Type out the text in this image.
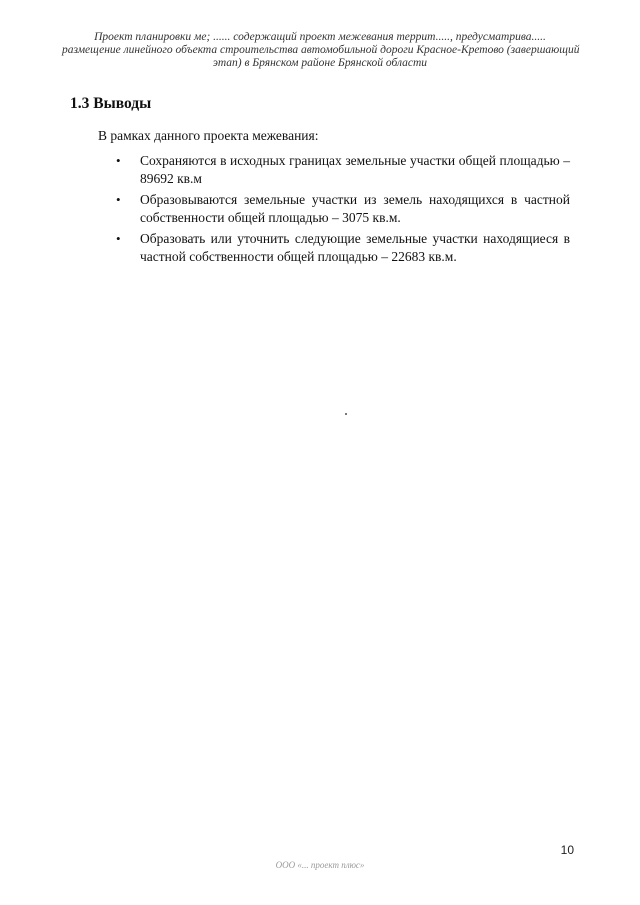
Проект планировки ме; ...... содержащий проект межевания террит....., предусматрива.....
размещение линейного объекта строительства автомобильной дороги Красное-Кретово (завершающий
этап) в Брянском районе Брянской области
1.3 Выводы
В рамках данного проекта межевания:
• Сохраняются в исходных границах земельные участки общей площадью –
89692 кв.м
• Образовываются земельные участки из земель находящихся в частной
собственности общей площадью – 3075 кв.м.
• Образовать или уточнить следующие земельные участки находящиеся в
частной собственности общей площадью – 22683 кв.м.
10
ООО «... проект плюс»
